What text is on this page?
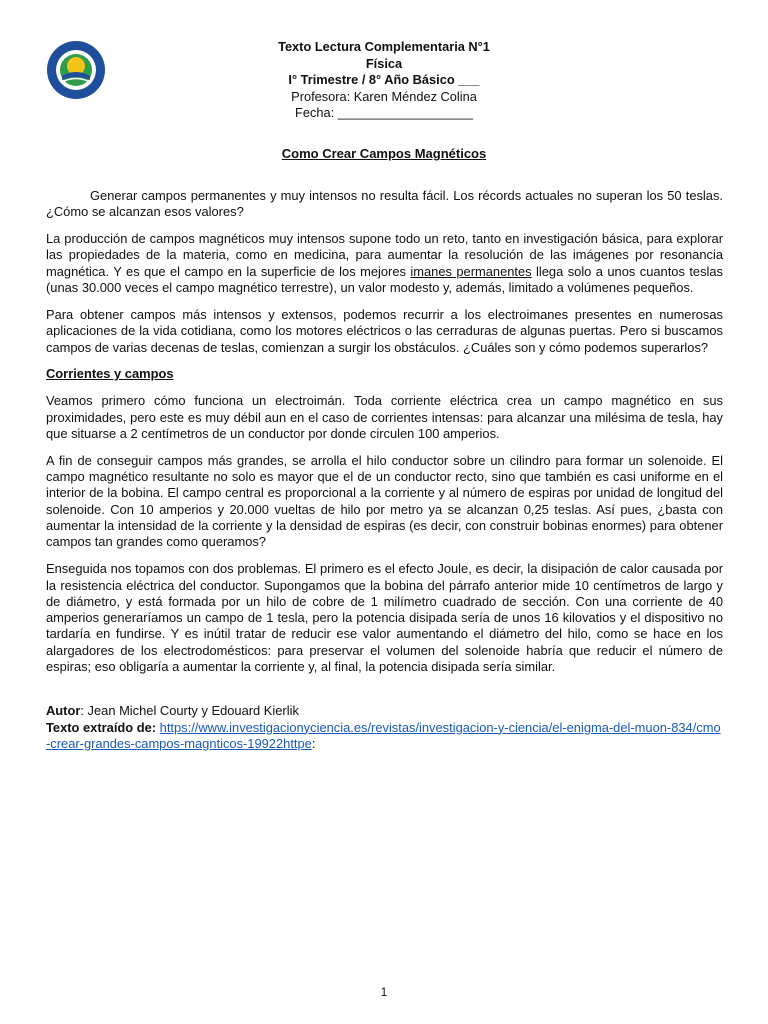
Texto Lectura Complementaria N°1
Física
I° Trimestre / 8° Año Básico ___
Profesora: Karen Méndez Colina
Fecha: ___________________
Como Crear Campos Magnéticos

Generar campos permanentes y muy intensos no resulta fácil. Los récords actuales no superan los 50 teslas. ¿Cómo se alcanzan esos valores?

La producción de campos magnéticos muy intensos supone todo un reto, tanto en investigación básica, para explorar las propiedades de la materia, como en medicina, para aumentar la resolución de las imágenes por resonancia magnética. Y es que el campo en la superficie de los mejores imanes permanentes llega solo a unos cuantos teslas (unas 30.000 veces el campo magnético terrestre), un valor modesto y, además, limitado a volúmenes pequeños.

Para obtener campos más intensos y extensos, podemos recurrir a los electroimanes presentes en numerosas aplicaciones de la vida cotidiana, como los motores eléctricos o las cerraduras de algunas puertas. Pero si buscamos campos de varias decenas de teslas, comienzan a surgir los obstáculos. ¿Cuáles son y cómo podemos superarlos?

Corrientes y campos

Veamos primero cómo funciona un electroimán. Toda corriente eléctrica crea un campo magnético en sus proximidades, pero este es muy débil aun en el caso de corrientes intensas: para alcanzar una milésima de tesla, hay que situarse a 2 centímetros de un conductor por donde circulen 100 amperios.

A fin de conseguir campos más grandes, se arrolla el hilo conductor sobre un cilindro para formar un solenoide. El campo magnético resultante no solo es mayor que el de un conductor recto, sino que también es casi uniforme en el interior de la bobina. El campo central es proporcional a la corriente y al número de espiras por unidad de longitud del solenoide. Con 10 amperios y 20.000 vueltas de hilo por metro ya se alcanzan 0,25 teslas. Así pues, ¿basta con aumentar la intensidad de la corriente y la densidad de espiras (es decir, con construir bobinas enormes) para obtener campos tan grandes como queramos?

Enseguida nos topamos con dos problemas. El primero es el efecto Joule, es decir, la disipación de calor causada por la resistencia eléctrica del conductor. Supongamos que la bobina del párrafo anterior mide 10 centímetros de largo y de diámetro, y está formada por un hilo de cobre de 1 milímetro cuadrado de sección. Con una corriente de 40 amperios generaríamos un campo de 1 tesla, pero la potencia disipada sería de unos 16 kilovatios y el dispositivo no tardaría en fundirse. Y es inútil tratar de reducir ese valor aumentando el diámetro del hilo, como se hace en los alargadores de los electrodomésticos: para preservar el volumen del solenoide habría que reducir el número de espiras; eso obligaría a aumentar la corriente y, al final, la potencia disipada sería similar.

Autor: Jean Michel Courty y Edouard Kierlik
Texto extraído de: https://www.investigacionyciencia.es/revistas/investigacion-y-ciencia/el-enigma-del-muon-834/cmo-crear-grandes-campos-magnticos-19922httpe:
1
